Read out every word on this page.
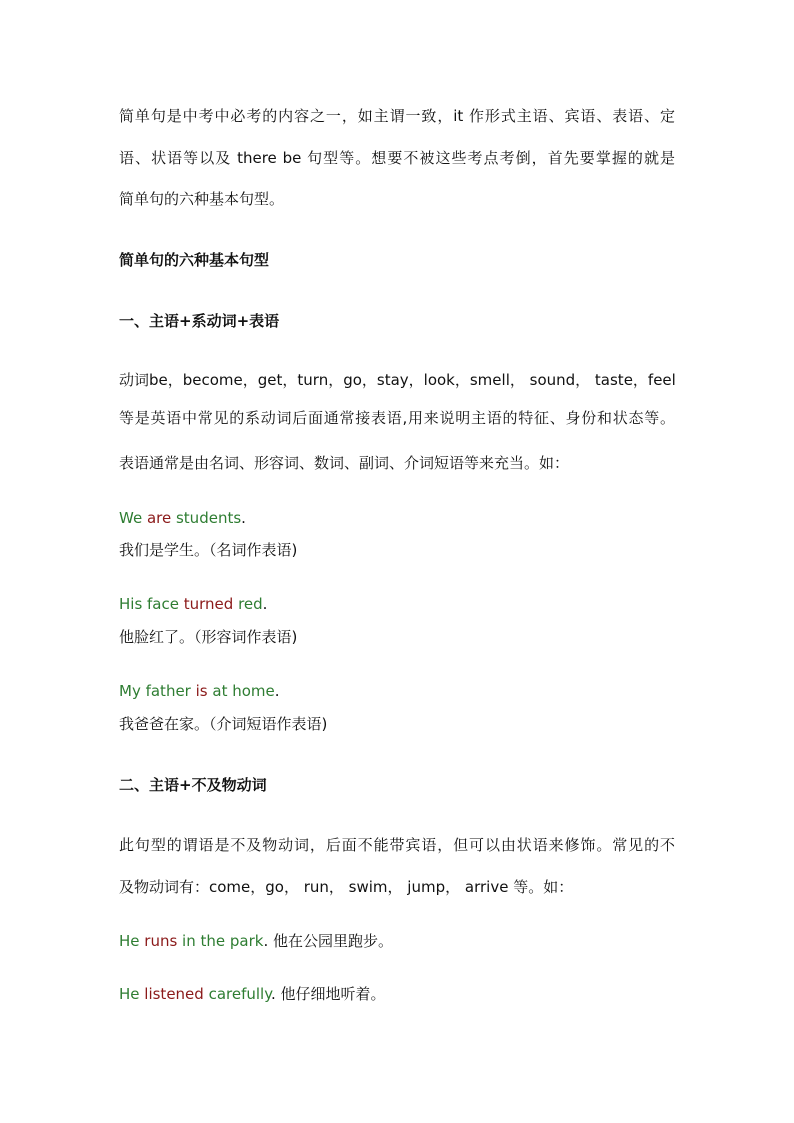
简单句是中考中必考的内容之一，如主谓一致，it 作形式主语、宾语、表语、定
语、状语等以及 there be 句型等。想要不被这些考点考倒，首先要掌握的就是
简单句的六种基本句型。
简单句的六种基本句型
一、主语+系动词+表语
动词be，become，get，turn，go，stay，look，smell， sound， taste，feel
等是英语中常见的系动词后面通常接表语,用来说明主语的特征、身份和状态等。
表语通常是由名词、形容词、数词、副词、介词短语等来充当。如：
We are students.
我们是学生。（名词作表语)
His face turned red.
他脸红了。（形容词作表语)
My father is at home.
我爸爸在家。（介词短语作表语)
二、主语+不及物动词
此句型的谓语是不及物动词，后面不能带宾语，但可以由状语来修饰。常见的不
及物动词有：come，go， run， swim， jump， arrive 等。如：
He runs in the park. 他在公园里跑步。
He listened carefully. 他仔细地听着。
